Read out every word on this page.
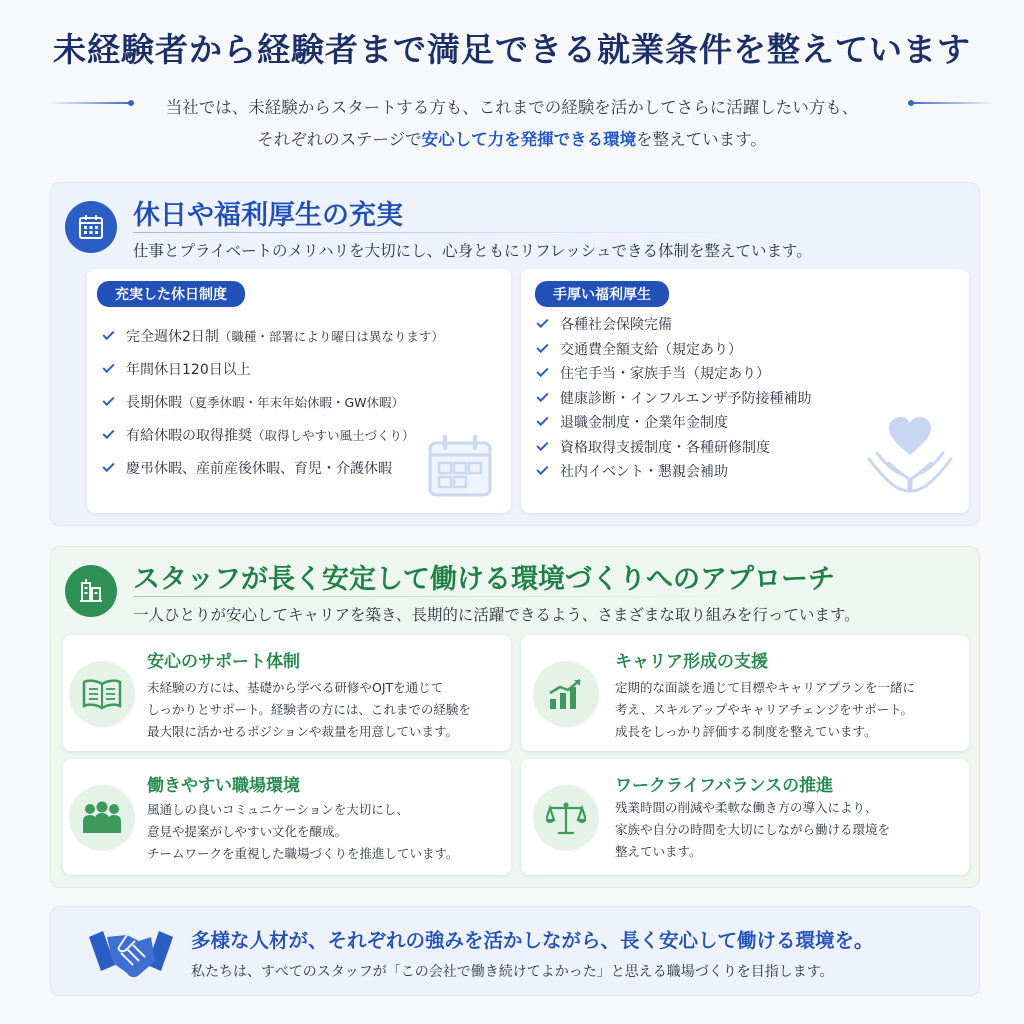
未経験者から経験者まで満足できる就業条件を整えています
当社では、未経験からスタートする方も、これまでの経験を活かしてさらに活躍したい方も、
それぞれのステージで安心して力を発揮できる環境を整えています。
休日や福利厚生の充実
仕事とプライベートのメリハリを大切にし、心身ともにリフレッシュできる体制を整えています。
充実した休日制度
完全週休2日制 （職種・部署により曜日は異なります）
年間休日120日以上
長期休暇 （夏季休暇・年末年始休暇・GW休暇）
有給休暇の取得推奨 （取得しやすい風土づくり）
慶弔休暇、産前産後休暇、育児・介護休暇
手厚い福利厚生
各種社会保険完備
交通費全額支給（規定あり）
住宅手当・家族手当（規定あり）
健康診断・インフルエンザ予防接種補助
退職金制度・企業年金制度
資格取得支援制度・各種研修制度
社内イベント・懇親会補助
スタッフが長く安定して働ける環境づくりへのアプローチ
一人ひとりが安心してキャリアを築き、長期的に活躍できるよう、さまざまな取り組みを行っています。
安心のサポート体制
未経験の方には、基礎から学べる研修やOJTを通じて
しっかりとサポート。経験者の方には、これまでの経験を
最大限に活かせるポジションや裁量を用意しています。
キャリア形成の支援
定期的な面談を通じて目標やキャリアプランを一緒に
考え、スキルアップやキャリアチェンジをサポート。
成長をしっかり評価する制度を整えています。
働きやすい職場環境
風通しの良いコミュニケーションを大切にし、
意見や提案がしやすい文化を醸成。
チームワークを重視した職場づくりを推進しています。
ワークライフバランスの推進
残業時間の削減や柔軟な働き方の導入により、
家族や自分の時間を大切にしながら働ける環境を
整えています。
多様な人材が、それぞれの強みを活かしながら、長く安心して働ける環境を。
私たちは、すべてのスタッフが「この会社で働き続けてよかった」と思える職場づくりを目指します。
